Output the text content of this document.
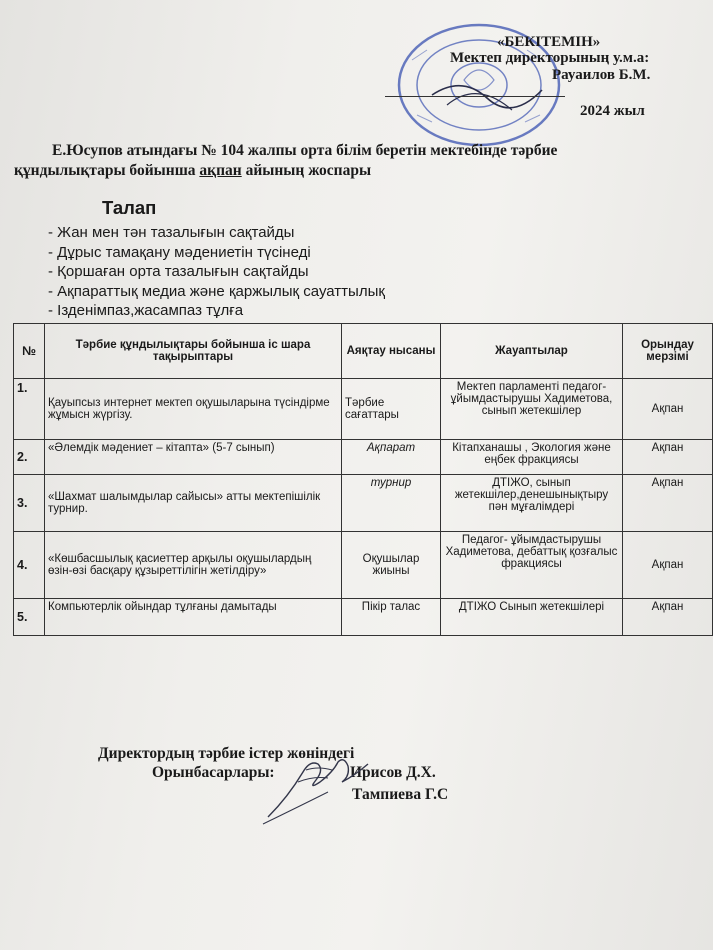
«БЕКІТЕМІН»
Мектеп директорының у.м.а:
Рауаилов Б.М.
2024 жыл
Е.Юсупов атындағы № 104 жалпы орта білім беретін мектебінде тәрбие
құндылықтары бойынша ақпан айының жоспары
Талап
- Жан мен тән тазалығын сақтайды
- Дұрыс тамақану мәдениетін түсінеді
- Қоршаған орта тазалығын сақтайды
- Ақпараттық медиа және қаржылық сауаттылық
- Ізденімпаз,жасампаз тұлға
№	Тәрбие құндылықтары бойынша іс шара тақырыптары	Аяқтау нысаны	Жауаптылар	Орындау мерзімі
1.	Қауыпсыз интернет мектеп оқушыларына түсіндірме жұмысн жүргізу.	Тәрбие сағаттары	Мектеп парламенті педагог-ұйымдастырушы Хадиметова, сынып жетекшілер	Ақпан
2.	«Әлемдік мәдениет – кітапта» (5-7 сынып)	Ақпарат	Кітапханашы , Экология және еңбек фракциясы	Ақпан
3.	«Шахмат шалымдылар сайысы» атты мектепішілік турнир.	турнир	ДТІЖО, сынып жетекшілер,денешынықтыру пән мұғалімдері	Ақпан
4.	«Көшбасшылық қасиеттер арқылы оқушылардың өзін-өзі басқару құзыреттілігін жетілдіру»	Оқушылар жиыны	Педагог- ұйымдастырушы Хадиметова, дебаттық қозғалыс фракциясы	Ақпан
5.	Компьютерлік ойындар тұлғаны дамытады	Пікір талас	ДТІЖО Сынып жетекшілері	Ақпан
Директордың тәрбие істер жөніндегі
Орынбасарлары:	Ирисов Д.Х.
Тампиева Г.С
